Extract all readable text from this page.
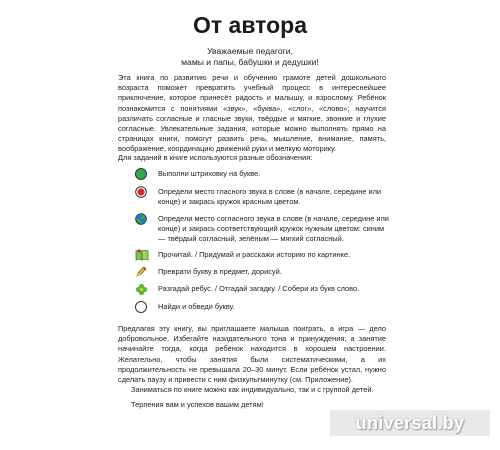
От автора
Уважаемые педагоги,
мамы и папы, бабушки и дедушки!

Эта книга по развитию речи и обучению грамоте детей дошкольного возраста поможет превратить учебный процесс в интереснейшее приключение, которое принесёт радость и малышу, и взрослому. Ребёнок познакомится с понятиями «звук», «буква», «слог», «слово»; научится различать согласные и гласные звуки, твёрдые и мягкие, звонкие и глухие согласные. Увлекательные задания, которые можно выполнять прямо на страницах книги, помогут развить речь, мышление, внимание, память, воображение, координацию движений руки и мелкую моторику.

Для заданий в книге используются разные обозначения:

Выполни штриховку на букве.
Определи место гласного звука в слове (в начале, середине или конце) и закрась кружок красным цветом.
Определи место согласного звука в слове (в начале, середине или конце) и закрась соответствующий кружок нужным цветом: синим — твёрдый согласный, зелёным — мягкий согласный.
Прочитай. / Придумай и расскажи историю по картинке.
Преврати букву в предмет, дорисуй.
Разгадай ребус. / Отгадай загадку. / Собери из букв слово.
Найди и обведи букву.

Предлагая эту книгу, вы приглашаете малыша поиграть, а игра — дело добровольное. Избегайте назидательного тона и принуждения; а занятие начинайте тогда, когда ребёнок находится в хорошем настроении. Желательно, чтобы занятия были систематическими, а их продолжительность не превышала 20–30 минут. Если ребёнок устал, нужно сделать паузу и привести с ним физкультминутку (см. Приложение).

Заниматься по книге можно как индивидуально, так и с группой детей.

Терпения вам и успехов вашим детям!

universal.by
